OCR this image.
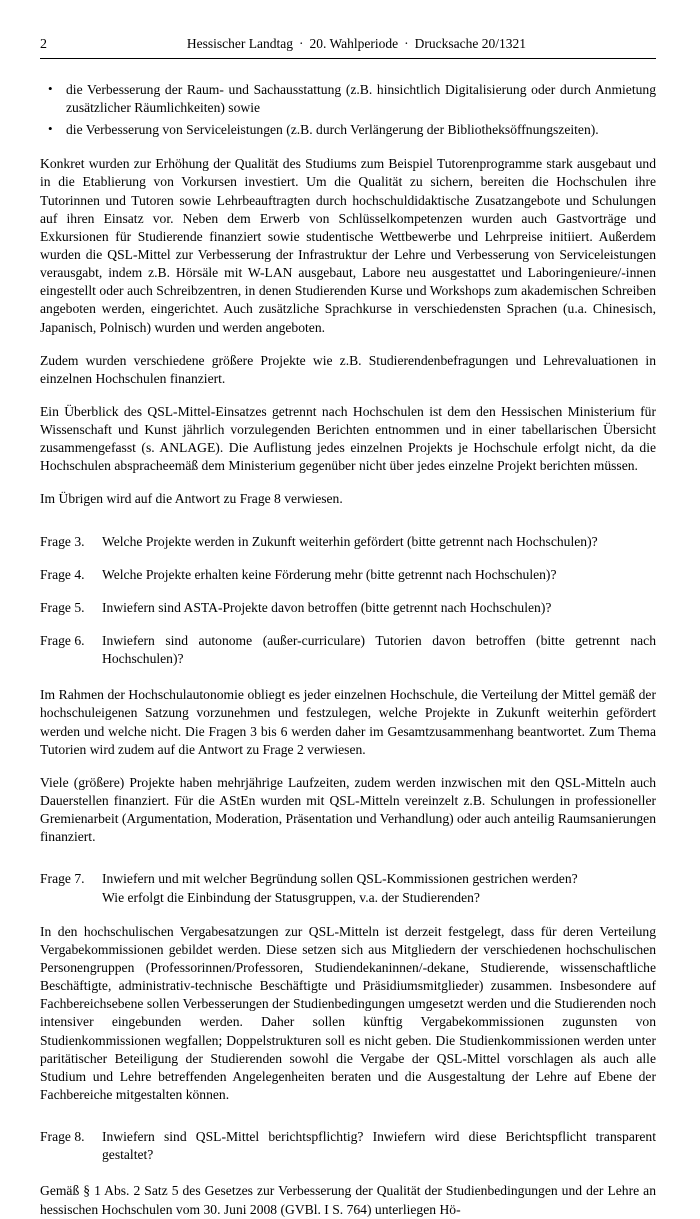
2	Hessischer Landtag · 20. Wahlperiode · Drucksache 20/1321
• die Verbesserung der Raum- und Sachausstattung (z.B. hinsichtlich Digitalisierung oder durch Anmietung zusätzlicher Räumlichkeiten) sowie
• die Verbesserung von Serviceleistungen (z.B. durch Verlängerung der Bibliotheksöffnungszeiten).

Konkret wurden zur Erhöhung der Qualität des Studiums zum Beispiel Tutorenprogramme stark ausgebaut und in die Etablierung von Vorkursen investiert. Um die Qualität zu sichern, bereiten die Hochschulen ihre Tutorinnen und Tutoren sowie Lehrbeauftragten durch hochschuldidaktische Zusatzangebote und Schulungen auf ihren Einsatz vor. Neben dem Erwerb von Schlüsselkompetenzen wurden auch Gastvorträge und Exkursionen für Studierende finanziert sowie studentische Wettbewerbe und Lehrpreise initiiert. Außerdem wurden die QSL-Mittel zur Verbesserung der Infrastruktur der Lehre und Verbesserung von Serviceleistungen verausgabt, indem z.B. Hörsäle mit W-LAN ausgebaut, Labore neu ausgestattet und Laboringenieure/-innen eingestellt oder auch Schreibzentren, in denen Studierenden Kurse und Workshops zum akademischen Schreiben angeboten werden, eingerichtet. Auch zusätzliche Sprachkurse in verschiedensten Sprachen (u.a. Chinesisch, Japanisch, Polnisch) wurden und werden angeboten.

Zudem wurden verschiedene größere Projekte wie z.B. Studierendenbefragungen und Lehrevaluationen in einzelnen Hochschulen finanziert.

Ein Überblick des QSL-Mittel-Einsatzes getrennt nach Hochschulen ist dem den Hessischen Ministerium für Wissenschaft und Kunst jährlich vorzulegenden Berichten entnommen und in einer tabellarischen Übersicht zusammengefasst (s. ANLAGE). Die Auflistung jedes einzelnen Projekts je Hochschule erfolgt nicht, da die Hochschulen abspracheemäß dem Ministerium gegenüber nicht über jedes einzelne Projekt berichten müssen.

Im Übrigen wird auf die Antwort zu Frage 8 verwiesen.

Frage 3.	Welche Projekte werden in Zukunft weiterhin gefördert (bitte getrennt nach Hochschulen)?
Frage 4.	Welche Projekte erhalten keine Förderung mehr (bitte getrennt nach Hochschulen)?
Frage 5.	Inwiefern sind ASTA-Projekte davon betroffen (bitte getrennt nach Hochschulen)?
Frage 6.	Inwiefern sind autonome (außer-curriculare) Tutorien davon betroffen (bitte getrennt nach Hochschulen)?

Im Rahmen der Hochschulautonomie obliegt es jeder einzelnen Hochschule, die Verteilung der Mittel gemäß der hochschuleigenen Satzung vorzunehmen und festzulegen, welche Projekte in Zukunft weiterhin gefördert werden und welche nicht. Die Fragen 3 bis 6 werden daher im Gesamtzusammenhang beantwortet. Zum Thema Tutorien wird zudem auf die Antwort zu Frage 2 verwiesen.

Viele (größere) Projekte haben mehrjährige Laufzeiten, zudem werden inzwischen mit den QSL-Mitteln auch Dauerstellen finanziert. Für die AStEn wurden mit QSL-Mitteln vereinzelt z.B. Schulungen in professioneller Gremienarbeit (Argumentation, Moderation, Präsentation und Verhandlung) oder auch anteilig Raumsanierungen finanziert.

Frage 7.	Inwiefern und mit welcher Begründung sollen QSL-Kommissionen gestrichen werden?
Wie erfolgt die Einbindung der Statusgruppen, v.a. der Studierenden?

In den hochschulischen Vergabesatzungen zur QSL-Mitteln ist derzeit festgelegt, dass für deren Verteilung Vergabekommissionen gebildet werden. Diese setzen sich aus Mitgliedern der verschiedenen hochschulischen Personengruppen (Professorinnen/Professoren, Studiendekaninnen/-dekane, Studierende, wissenschaftliche Beschäftigte, administrativ-technische Beschäftigte und Präsidiumsmitglieder) zusammen. Insbesondere auf Fachbereichsebene sollen Verbesserungen der Studienbedingungen umgesetzt werden und die Studierenden noch intensiver eingebunden werden. Daher sollen künftig Vergabekommissionen zugunsten von Studienkommissionen wegfallen; Doppelstrukturen soll es nicht geben. Die Studienkommissionen werden unter paritätischer Beteiligung der Studierenden sowohl die Vergabe der QSL-Mittel vorschlagen als auch alle Studium und Lehre betreffenden Angelegenheiten beraten und die Ausgestaltung der Lehre auf Ebene der Fachbereiche mitgestalten können.

Frage 8.	Inwiefern sind QSL-Mittel berichtspflichtig? Inwiefern wird diese Berichtspflicht transparent gestaltet?

Gemäß § 1 Abs. 2 Satz 5 des Gesetzes zur Verbesserung der Qualität der Studienbedingungen und der Lehre an hessischen Hochschulen vom 30. Juni 2008 (GVBl. I S. 764) unterliegen Hö-
